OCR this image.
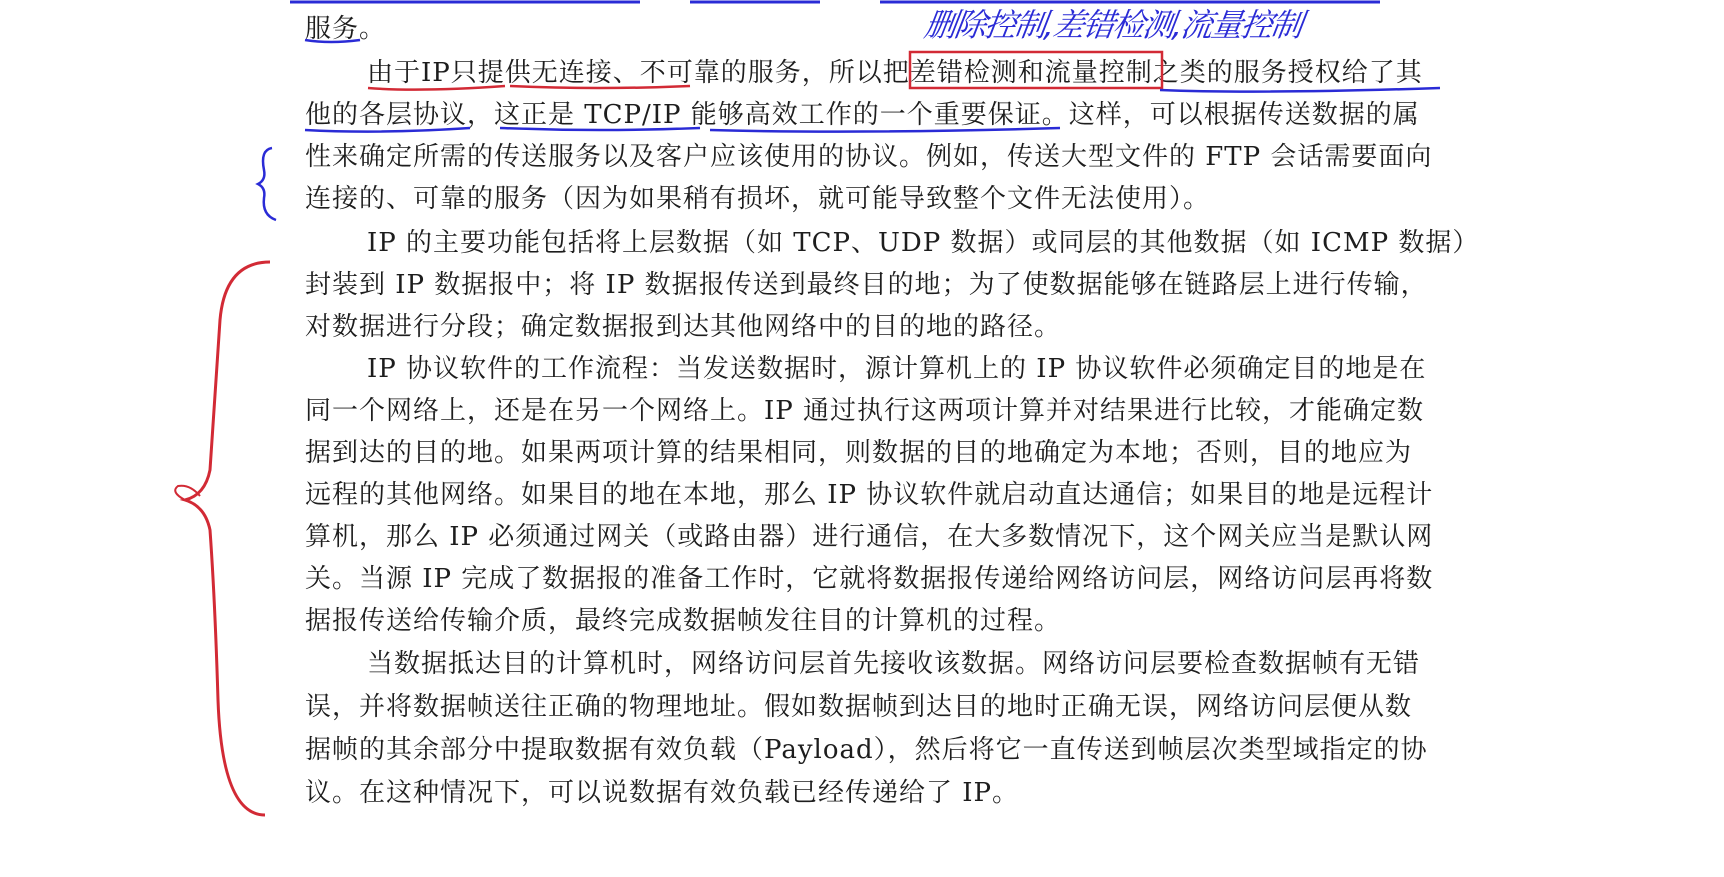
删除控制,差错检测,流量控制
服务。
由于IP只提供无连接、不可靠的服务，所以把差错检测和流量控制之类的服务授权给了其
他的各层协议，这正是 TCP/IP 能够高效工作的一个重要保证。这样，可以根据传送数据的属
性来确定所需的传送服务以及客户应该使用的协议。例如，传送大型文件的 FTP 会话需要面向
连接的、可靠的服务（因为如果稍有损坏，就可能导致整个文件无法使用）。
IP 的主要功能包括将上层数据（如 TCP、UDP 数据）或同层的其他数据（如 ICMP 数据）
封装到 IP 数据报中；将 IP 数据报传送到最终目的地；为了使数据能够在链路层上进行传输，
对数据进行分段；确定数据报到达其他网络中的目的地的路径。
IP 协议软件的工作流程：当发送数据时，源计算机上的 IP 协议软件必须确定目的地是在
同一个网络上，还是在另一个网络上。IP 通过执行这两项计算并对结果进行比较，才能确定数
据到达的目的地。如果两项计算的结果相同，则数据的目的地确定为本地；否则，目的地应为
远程的其他网络。如果目的地在本地，那么 IP 协议软件就启动直达通信；如果目的地是远程计
算机，那么 IP 必须通过网关（或路由器）进行通信，在大多数情况下，这个网关应当是默认网
关。当源 IP 完成了数据报的准备工作时，它就将数据报传递给网络访问层，网络访问层再将数
据报传送给传输介质，最终完成数据帧发往目的计算机的过程。
当数据抵达目的计算机时，网络访问层首先接收该数据。网络访问层要检查数据帧有无错
误，并将数据帧送往正确的物理地址。假如数据帧到达目的地时正确无误，网络访问层便从数
据帧的其余部分中提取数据有效负载（Payload），然后将它一直传送到帧层次类型域指定的协
议。在这种情况下，可以说数据有效负载已经传递给了 IP。
